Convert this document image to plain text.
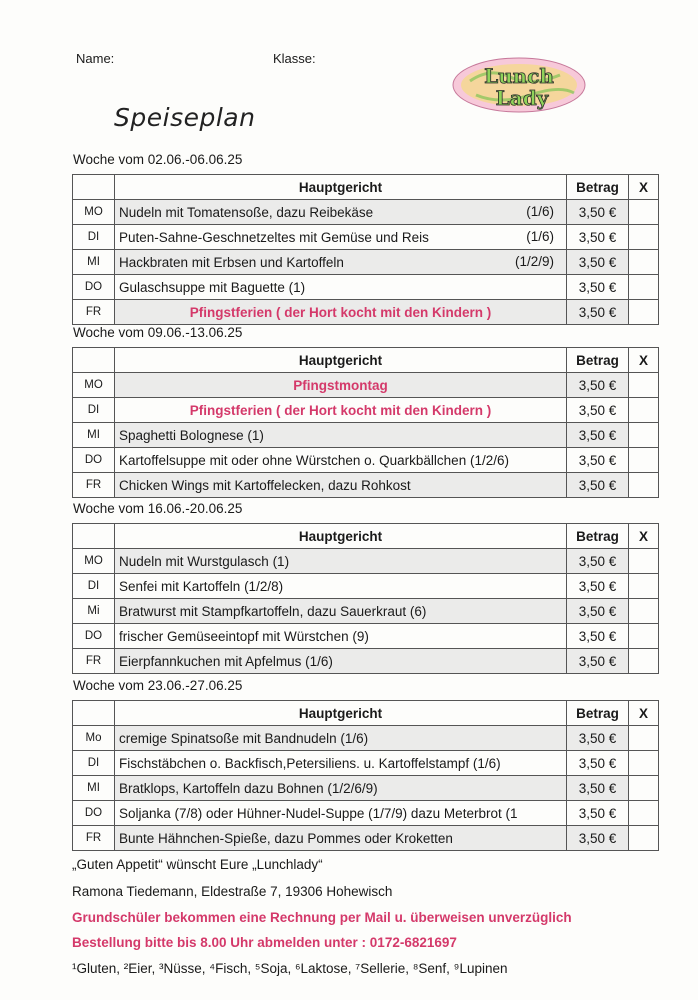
Name:	Klasse:
Lunch
Lady
Speiseplan
Woche vom 02.06.-06.06.25
	Hauptgericht	Betrag	X
MO	Nudeln mit Tomatensoße, dazu Reibekäse (1/6)	3,50 €	
DI	Puten-Sahne-Geschnetzeltes mit Gemüse und Reis (1/6)	3,50 €	
MI	Hackbraten mit Erbsen und Kartoffeln (1/2/9)	3,50 €	
DO	Gulaschsuppe mit Baguette (1)	3,50 €	
FR	Pfingstferien ( der Hort kocht mit den Kindern )	3,50 €	
Woche vom 09.06.-13.06.25
	Hauptgericht	Betrag	X
MO	Pfingstmontag	3,50 €	
DI	Pfingstferien ( der Hort kocht mit den Kindern )	3,50 €	
MI	Spaghetti Bolognese (1)	3,50 €	
DO	Kartoffelsuppe mit oder ohne Würstchen o. Quarkbällchen (1/2/6)	3,50 €	
FR	Chicken Wings mit Kartoffelecken, dazu Rohkost	3,50 €	
Woche vom 16.06.-20.06.25
	Hauptgericht	Betrag	X
MO	Nudeln mit Wurstgulasch (1)	3,50 €	
DI	Senfei mit Kartoffeln (1/2/8)	3,50 €	
Mi	Bratwurst mit Stampfkartoffeln, dazu Sauerkraut (6)	3,50 €	
DO	frischer Gemüseeintopf mit Würstchen (9)	3,50 €	
FR	Eierpfannkuchen mit Apfelmus (1/6)	3,50 €	
Woche vom 23.06.-27.06.25
	Hauptgericht	Betrag	X
Mo	cremige Spinatsoße mit Bandnudeln (1/6)	3,50 €	
DI	Fischstäbchen o. Backfisch,Petersiliens. u. Kartoffelstampf (1/6)	3,50 €	
MI	Bratklops, Kartoffeln dazu Bohnen (1/2/6/9)	3,50 €	
DO	Soljanka (7/8) oder Hühner-Nudel-Suppe (1/7/9) dazu Meterbrot (1	3,50 €	
FR	Bunte Hähnchen-Spieße, dazu Pommes oder Kroketten	3,50 €	
„Guten Appetit“ wünscht Eure „Lunchlady“
Ramona Tiedemann, Eldestraße 7, 19306 Hohewisch
Grundschüler bekommen eine Rechnung per Mail u. überweisen unverzüglich
Bestellung bitte bis 8.00 Uhr abmelden unter : 0172-6821697
¹Gluten, ²Eier, ³Nüsse, ⁴Fisch, ⁵Soja, ⁶Laktose, ⁷Sellerie, ⁸Senf, ⁹Lupinen
